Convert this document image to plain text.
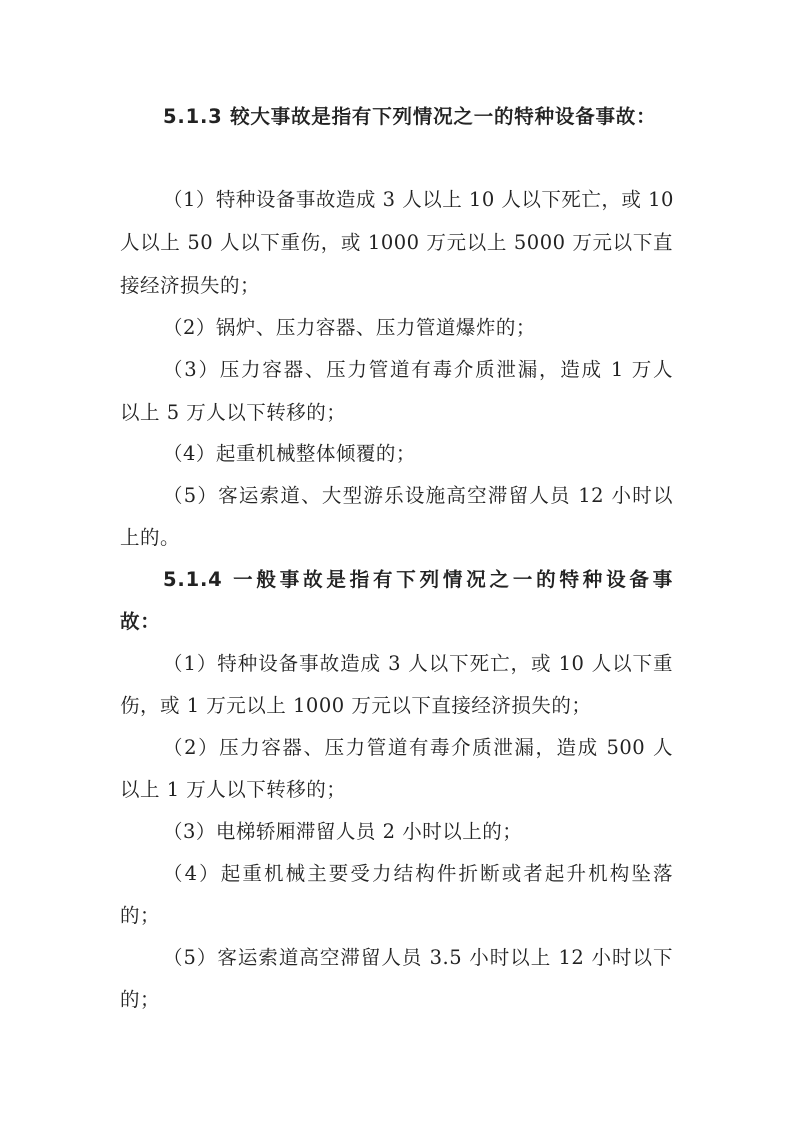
5.1.3 较大事故是指有下列情况之一的特种设备事故：
（1）特种设备事故造成 3 人以上 10 人以下死亡，或 10
人以上 50 人以下重伤，或 1000 万元以上 5000 万元以下直
接经济损失的；
（2）锅炉、压力容器、压力管道爆炸的；
（3）压力容器、压力管道有毒介质泄漏，造成 1 万人
以上 5 万人以下转移的；
（4）起重机械整体倾覆的；
（5）客运索道、大型游乐设施高空滞留人员 12 小时以
上的。
5.1.4 一般事故是指有下列情况之一的特种设备事
故：
（1）特种设备事故造成 3 人以下死亡，或 10 人以下重
伤，或 1 万元以上 1000 万元以下直接经济损失的；
（2）压力容器、压力管道有毒介质泄漏，造成 500 人
以上 1 万人以下转移的；
（3）电梯轿厢滞留人员 2 小时以上的；
（4）起重机械主要受力结构件折断或者起升机构坠落
的；
（5）客运索道高空滞留人员 3.5 小时以上 12 小时以下
的；
